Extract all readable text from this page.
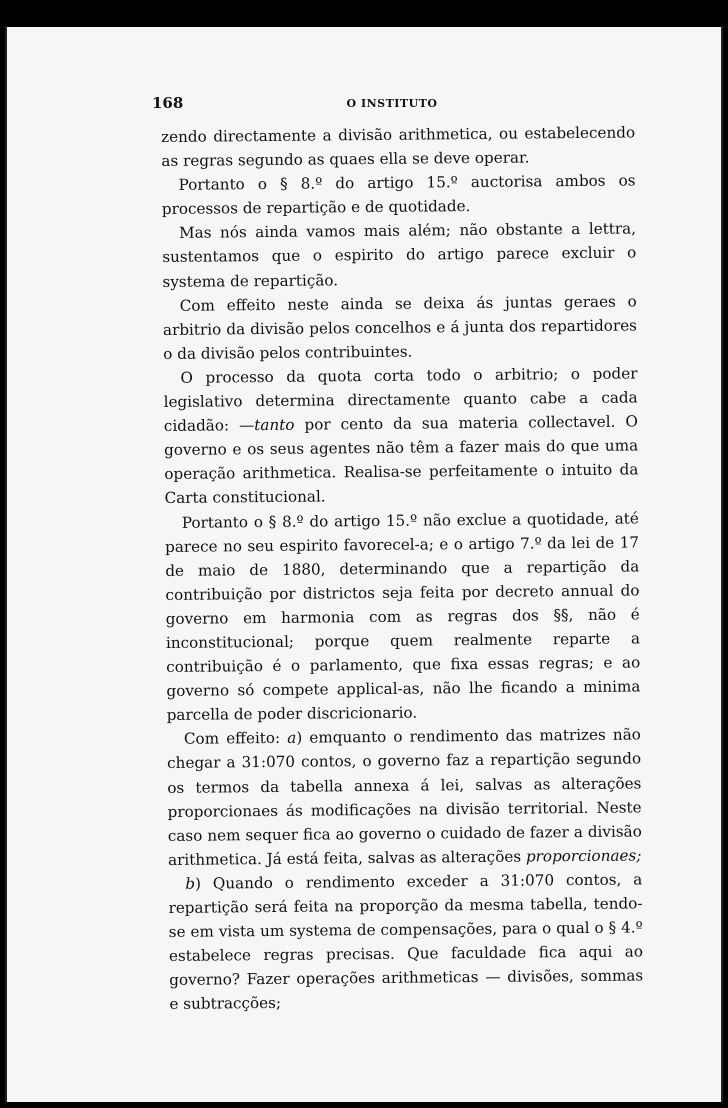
168	O INSTITUTO

zendo directamente a divisão arithmetica, ou estabelecendo as regras segundo as quaes ella se deve operar.

Portanto o § 8.º do artigo 15.º auctorisa ambos os processos de repartição e de quotidade.

Mas nós ainda vamos mais além; não obstante a lettra, sustentamos que o espirito do artigo parece excluir o systema de repartição.

Com effeito neste ainda se deixa ás juntas geraes o arbitrio da divisão pelos concelhos e á junta dos repartidores o da divisão pelos contribuintes.

O processo da quota corta todo o arbitrio; o poder legislativo determina directamente quanto cabe a cada cidadão: —tanto por cento da sua materia collectavel. O governo e os seus agentes não têm a fazer mais do que uma operação arithmetica. Realisa-se perfeitamente o intuito da Carta constitucional.

Portanto o § 8.º do artigo 15.º não exclue a quotidade, até parece no seu espirito favorecel-a; e o artigo 7.º da lei de 17 de maio de 1880, determinando que a repartição da contribuição por districtos seja feita por decreto annual do governo em harmonia com as regras dos §§, não é inconstitucional; porque quem realmente reparte a contribuição é o parlamento, que fixa essas regras; e ao governo só compete applical-as, não lhe ficando a minima parcella de poder discricionario.

Com effeito: a) emquanto o rendimento das matrizes não chegar a 31:070 contos, o governo faz a repartição segundo os termos da tabella annexa á lei, salvas as alterações proporcionaes ás modificações na divisão territorial. Neste caso nem sequer fica ao governo o cuidado de fazer a divisão arithmetica. Já está feita, salvas as alterações proporcionaes;

b) Quando o rendimento exceder a 31:070 contos, a repartição será feita na proporção da mesma tabella, tendo-se em vista um systema de compensações, para o qual o § 4.º estabelece regras precisas. Que faculdade fica aqui ao governo? Fazer operações arithmeticas — divisões, sommas e subtracções;
